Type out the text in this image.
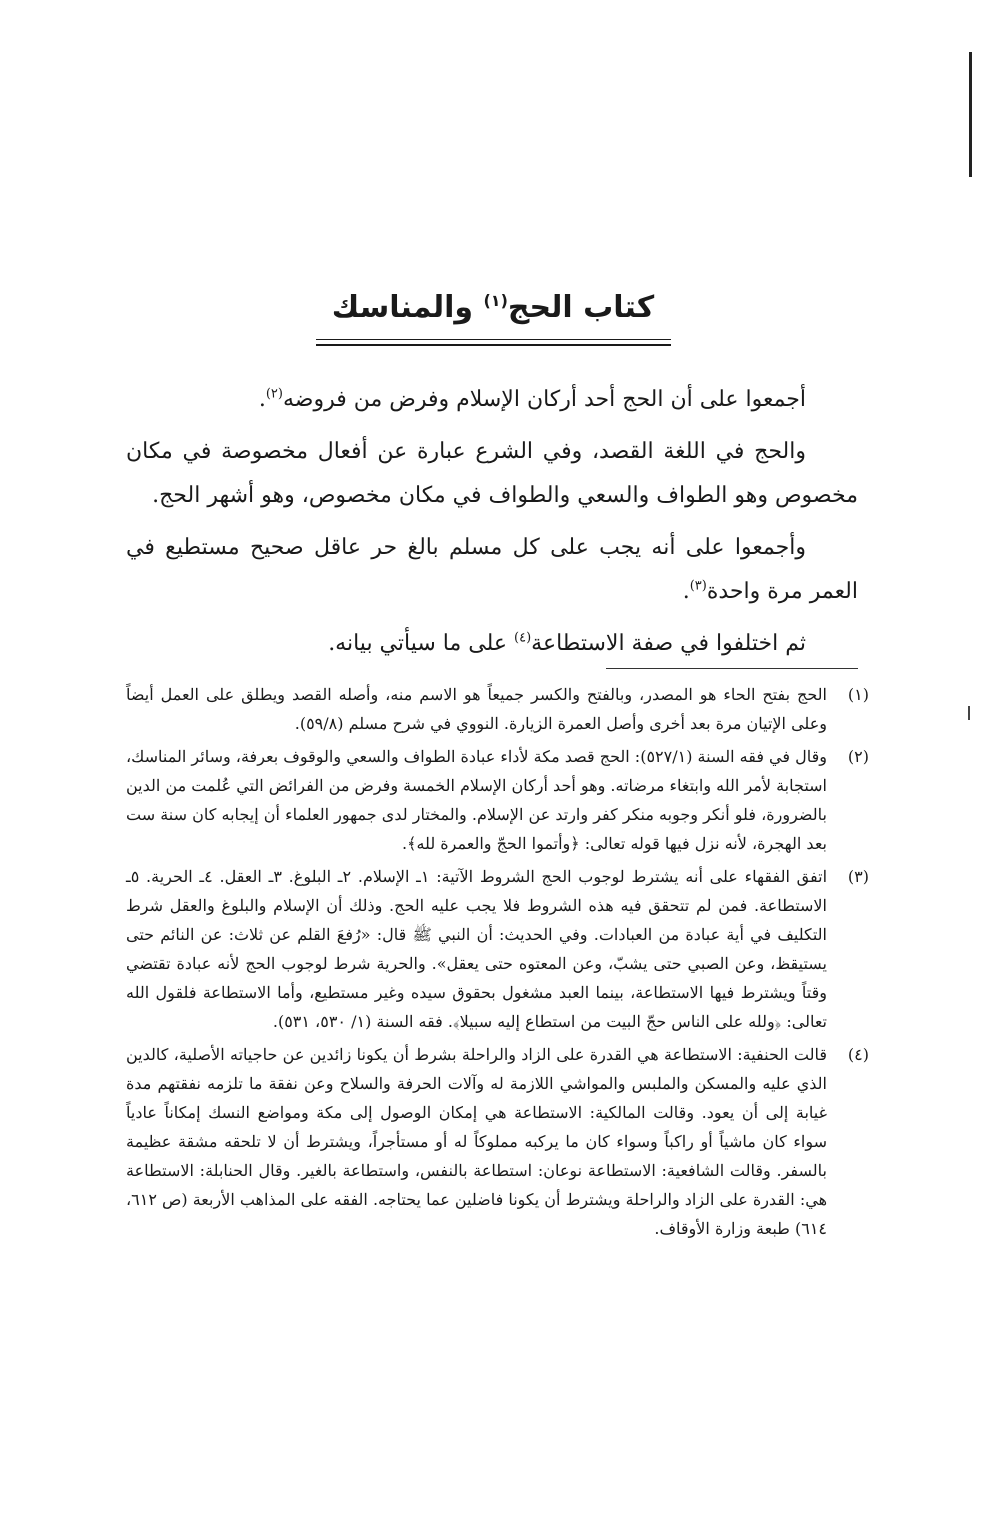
كتاب الحج$^{(١)}$ والمناسك

أجمعوا على أن الحج أحد أركان الإسلام وفرض من فروضه$^{(٢)}$.

والحج في اللغة القصد، وفي الشرع عبارة عن أفعال مخصوصة في مكان مخصوص وهو الطواف والسعي والطواف في مكان مخصوص، وهو أشهر الحج.

وأجمعوا على أنه يجب على كل مسلم بالغ حر عاقل صحيح مستطيع في العمر مرة واحدة$^{(٣)}$.

ثم اختلفوا في صفة الاستطاعة$^{(٤)}$ على ما سيأتي بيانه.

(١)
الحج بفتح الحاء هو المصدر، وبالفتح والكسر جميعاً هو الاسم منه، وأصله القصد ويطلق على العمل أيضاً وعلى الإتيان مرة بعد أخرى وأصل العمرة الزيارة. النووي في شرح مسلم (٥٩/٨).
(٢)
وقال في فقه السنة (٥٢٧/١): الحج قصد مكة لأداء عبادة الطواف والسعي والوقوف بعرفة، وسائر المناسك، استجابة لأمر الله وابتغاء مرضاته. وهو أحد أركان الإسلام الخمسة وفرض من الفرائض التي عُلمت من الدين بالضرورة، فلو أنكر وجوبه منكر كفر وارتد عن الإسلام. والمختار لدى جمهور العلماء أن إيجابه كان سنة ست بعد الهجرة، لأنه نزل فيها قوله تعالى: ﴿وأتموا الحجّ والعمرة لله﴾.
(٣)
اتفق الفقهاء على أنه يشترط لوجوب الحج الشروط الآتية: ١ـ الإسلام. ٢ـ البلوغ. ٣ـ العقل. ٤ـ الحرية. ٥ـ الاستطاعة. فمن لم تتحقق فيه هذه الشروط فلا يجب عليه الحج. وذلك أن الإسلام والبلوغ والعقل شرط التكليف في أية عبادة من العبادات. وفي الحديث: أن النبي ﷺ قال: «رُفعَ القلم عن ثلاث: عن النائم حتى يستيقظ، وعن الصبي حتى يشبّ، وعن المعتوه حتى يعقل». والحرية شرط لوجوب الحج لأنه عبادة تقتضي وقتاً ويشترط فيها الاستطاعة، بينما العبد مشغول بحقوق سيده وغير مستطيع، وأما الاستطاعة فلقول الله تعالى: ﴿ولله على الناس حجّ البيت من استطاع إليه سبيلا﴾. فقه السنة (١/ ٥٣٠، ٥٣١).
(٤)
قالت الحنفية: الاستطاعة هي القدرة على الزاد والراحلة بشرط أن يكونا زائدين عن حاجياته الأصلية، كالدين الذي عليه والمسكن والملبس والمواشي اللازمة له وآلات الحرفة والسلاح وعن نفقة ما تلزمه نفقتهم مدة غيابة إلى أن يعود. وقالت المالكية: الاستطاعة هي إمكان الوصول إلى مكة ومواضع النسك إمكاناً عادياً سواء كان ماشياً أو راكباً وسواء كان ما يركبه مملوكاً له أو مستأجراً، ويشترط أن لا تلحقه مشقة عظيمة بالسفر. وقالت الشافعية: الاستطاعة نوعان: استطاعة بالنفس، واستطاعة بالغير. وقال الحنابلة: الاستطاعة هي: القدرة على الزاد والراحلة ويشترط أن يكونا فاضلين عما يحتاجه. الفقه على المذاهب الأربعة (ص ٦١٢، ٦١٤) طبعة وزارة الأوقاف.
